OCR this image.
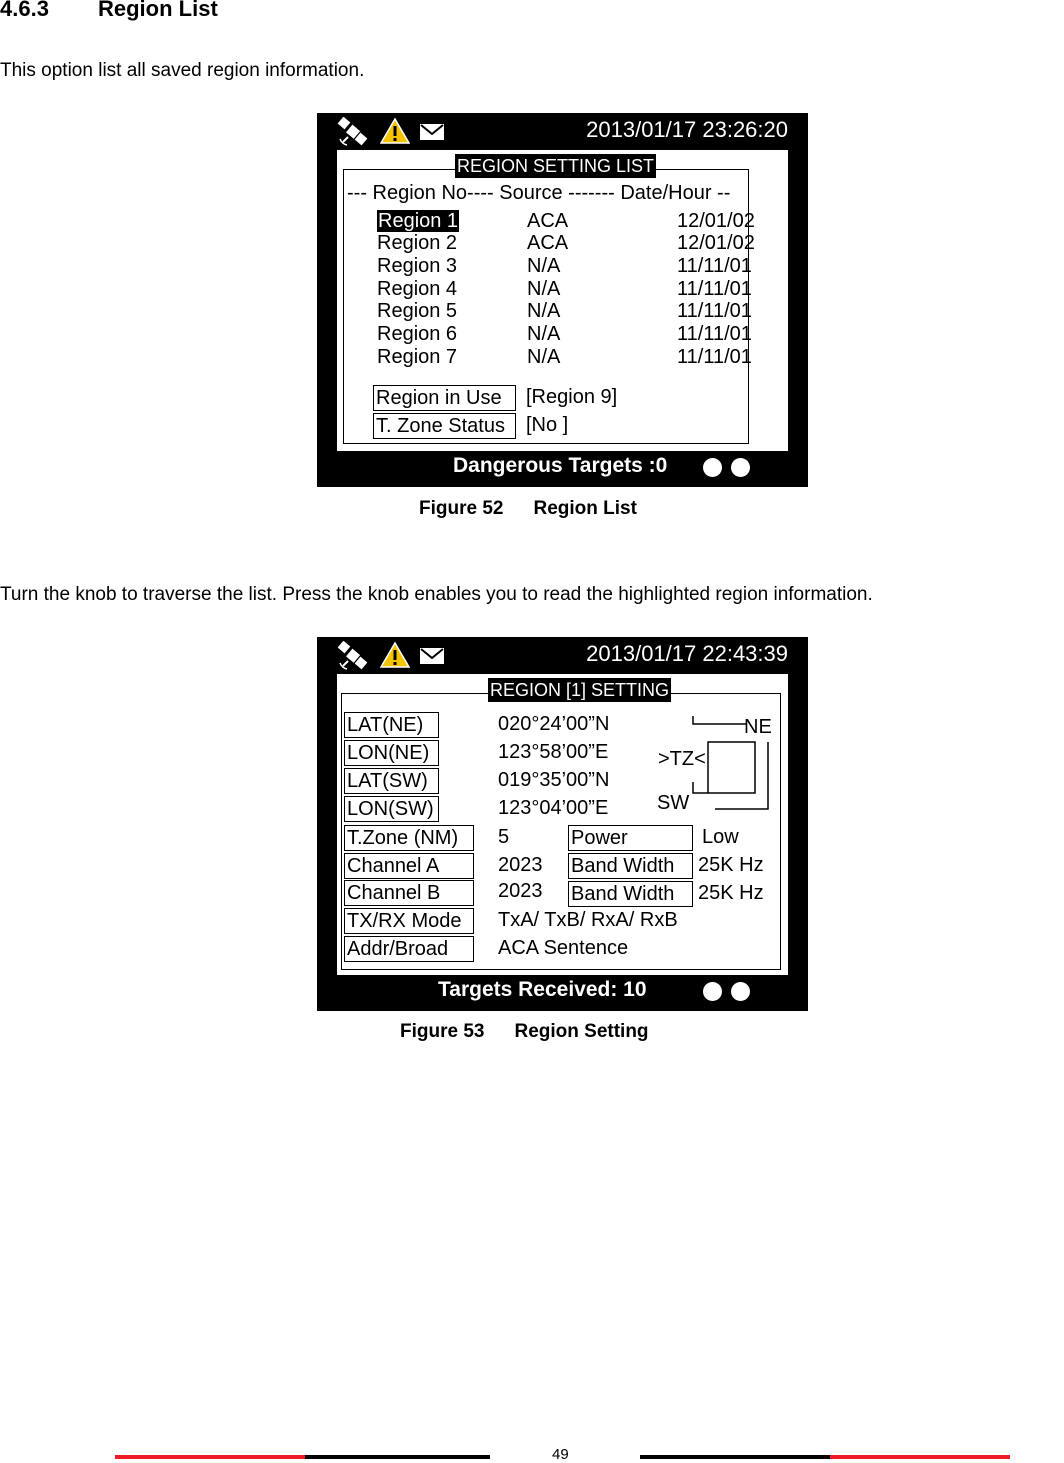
4.6.3 Region List
This option list all saved region information.
2013/01/17 23:26:20
REGION SETTING LIST
--- Region No---- Source ------- Date/Hour --
Region 1	ACA	12/01/02
Region 2	ACA	12/01/02
Region 3	N/A	11/11/01
Region 4	N/A	11/11/01
Region 5	N/A	11/11/01
Region 6	N/A	11/11/01
Region 7	N/A	11/11/01
Region in Use	[Region 9]
T. Zone Status	[No ]
Dangerous Targets :0
Figure 52 Region List
Turn the knob to traverse the list. Press the knob enables you to read the highlighted region information.
2013/01/17 22:43:39
REGION [1] SETTING
LAT(NE)	020°24’00”N
LON(NE)	123°58’00”E
LAT(SW)	019°35’00”N
LON(SW)	123°04’00”E
NE
>TZ<
SW
T.Zone (NM)	5	Power	Low
Channel A	2023 Band Width	25K Hz
Channel B	2023 Band Width	25K Hz
TX/RX Mode	TxA/ TxB/ RxA/ RxB
Addr/Broad	ACA Sentence
Targets Received: 10
Figure 53 Region Setting
49
